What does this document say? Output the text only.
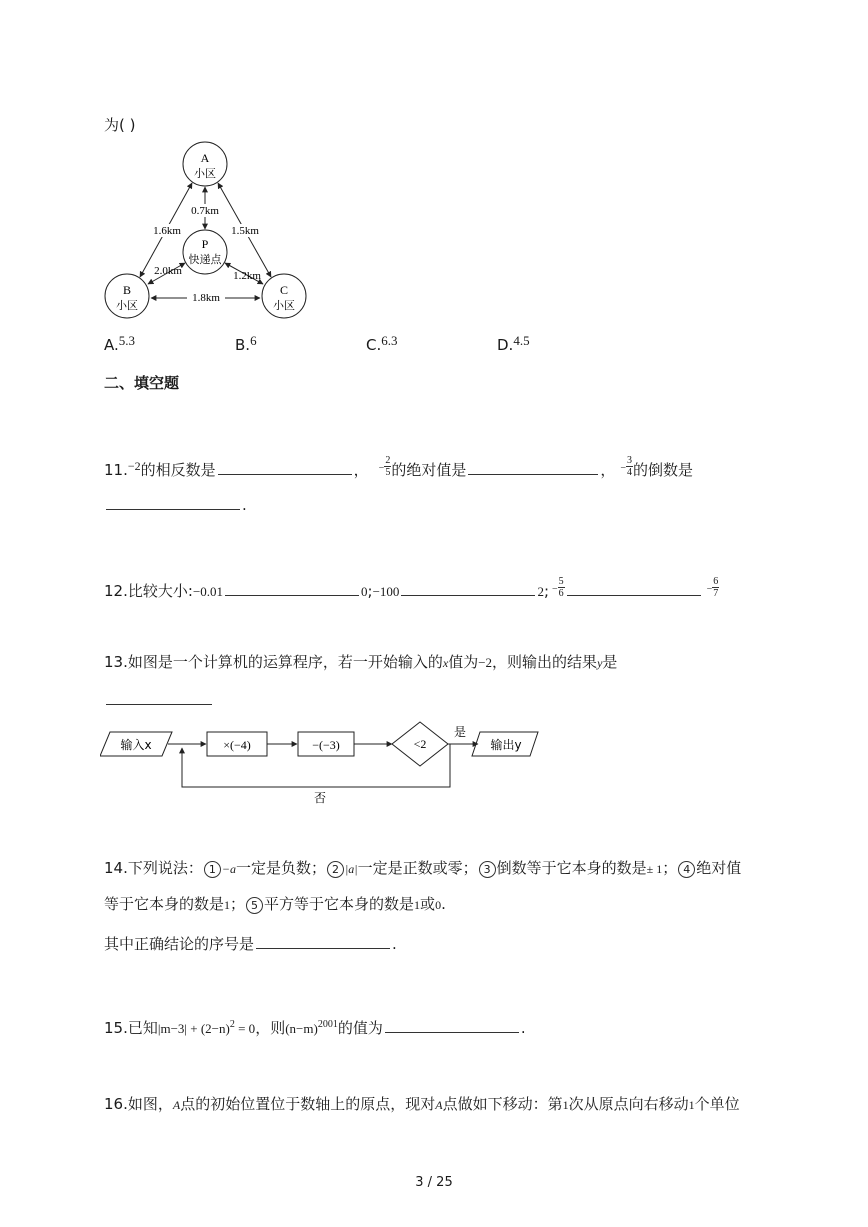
为( )
A
小区
P
快递点
B
小区
C
小区
0.7km
1.6km	1.5km
2.0km	1.2km
1.8km
A.5.3	B.6	C.6.3	D.4.5
二、填空题
11.$^{-2}$的相反数是	， $^- \frac{2}{5}$ 的绝对值是	， $^- \frac{3}{4}$ 的倒数是
.
12.比较大小:−0.01	0;−100	2; $^- \frac{5}{6}$	$^- \frac{6}{7}$
13.如图是一个计算机的运算程序，若一开始输入的x值为−2，则输出的结果y是
输入x	×(−4)	−(−3)	<2
是
输出y
否
14.下列说法： 1 −a一定是负数； 2 |a|一定是正数或零； 3 倒数等于它本身的数是± 1； 4 绝对值
等于它本身的数是1； 5 平方等于它本身的数是1或0.
其中正确结论的序号是	.
15.已知$|m-3| + (2-n)^2 = 0$，则$(n-m)^{2001}$的值为	.
16.如图，A点的初始位置位于数轴上的原点，现对A点做如下移动：第1次从原点向右移动1个单位
3 / 25
